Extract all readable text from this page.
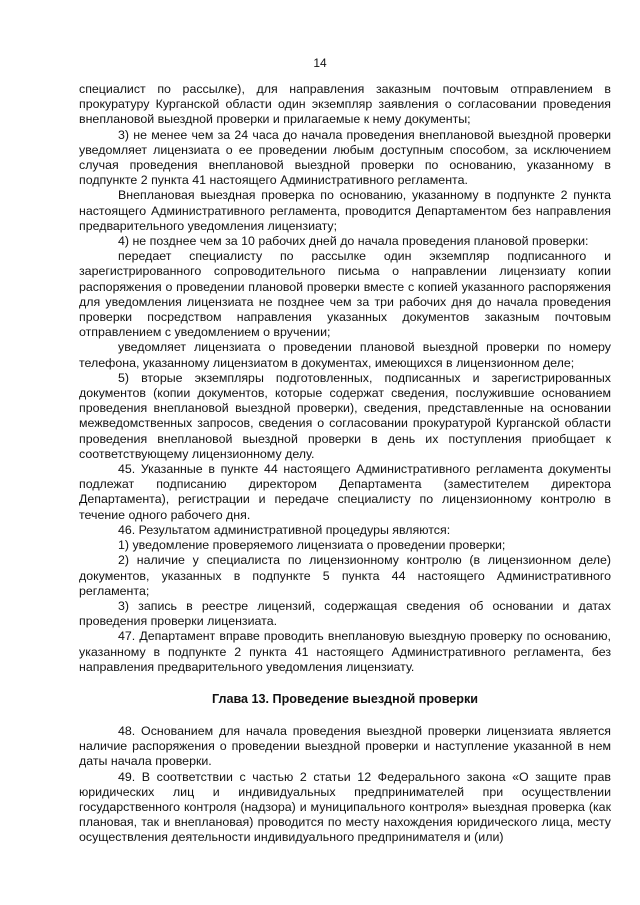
14

специалист по рассылке), для направления заказным почтовым отправлением в прокуратуру Курганской области один экземпляр заявления о согласовании проведения внеплановой выездной проверки и прилагаемые к нему документы;

3) не менее чем за 24 часа до начала проведения внеплановой выездной проверки уведомляет лицензиата о ее проведении любым доступным способом, за исключением случая проведения внеплановой выездной проверки по основанию, указанному в подпункте 2 пункта 41 настоящего Административного регламента.

Внеплановая выездная проверка по основанию, указанному в подпункте 2 пункта настоящего Административного регламента, проводится Департаментом без направления предварительного уведомления лицензиату;

4) не позднее чем за 10 рабочих дней до начала проведения плановой проверки:

передает специалисту по рассылке один экземпляр подписанного и зарегистрированного сопроводительного письма о направлении лицензиату копии распоряжения о проведении плановой проверки вместе с копией указанного распоряжения для уведомления лицензиата не позднее чем за три рабочих дня до начала проведения проверки посредством направления указанных документов заказным почтовым отправлением с уведомлением о вручении;

уведомляет лицензиата о проведении плановой выездной проверки по номеру телефона, указанному лицензиатом в документах, имеющихся в лицензионном деле;

5) вторые экземпляры подготовленных, подписанных и зарегистрированных документов (копии документов, которые содержат сведения, послужившие основанием проведения внеплановой выездной проверки), сведения, представленные на основании межведомственных запросов, сведения о согласовании прокуратурой Курганской области проведения внеплановой выездной проверки в день их поступления приобщает к соответствующему лицензионному делу.

45. Указанные в пункте 44 настоящего Административного регламента документы подлежат подписанию директором Департамента (заместителем директора Департамента), регистрации и передаче специалисту по лицензионному контролю в течение одного рабочего дня.

46. Результатом административной процедуры являются:

1) уведомление проверяемого лицензиата о проведении проверки;

2) наличие у специалиста по лицензионному контролю (в лицензионном деле) документов, указанных в подпункте 5 пункта 44 настоящего Административного регламента;

3) запись в реестре лицензий, содержащая сведения об основании и датах проведения проверки лицензиата.

47. Департамент вправе проводить внеплановую выездную проверку по основанию, указанному в подпункте 2 пункта 41 настоящего Административного регламента, без направления предварительного уведомления лицензиату.

Глава 13. Проведение выездной проверки

48. Основанием для начала проведения выездной проверки лицензиата является наличие распоряжения о проведении выездной проверки и наступление указанной в нем даты начала проверки.

49. В соответствии с частью 2 статьи 12 Федерального закона «О защите прав юридических лиц и индивидуальных предпринимателей при осуществлении государственного контроля (надзора) и муниципального контроля» выездная проверка (как плановая, так и внеплановая) проводится по месту нахождения юридического лица, месту осуществления деятельности индивидуального предпринимателя и (или)
